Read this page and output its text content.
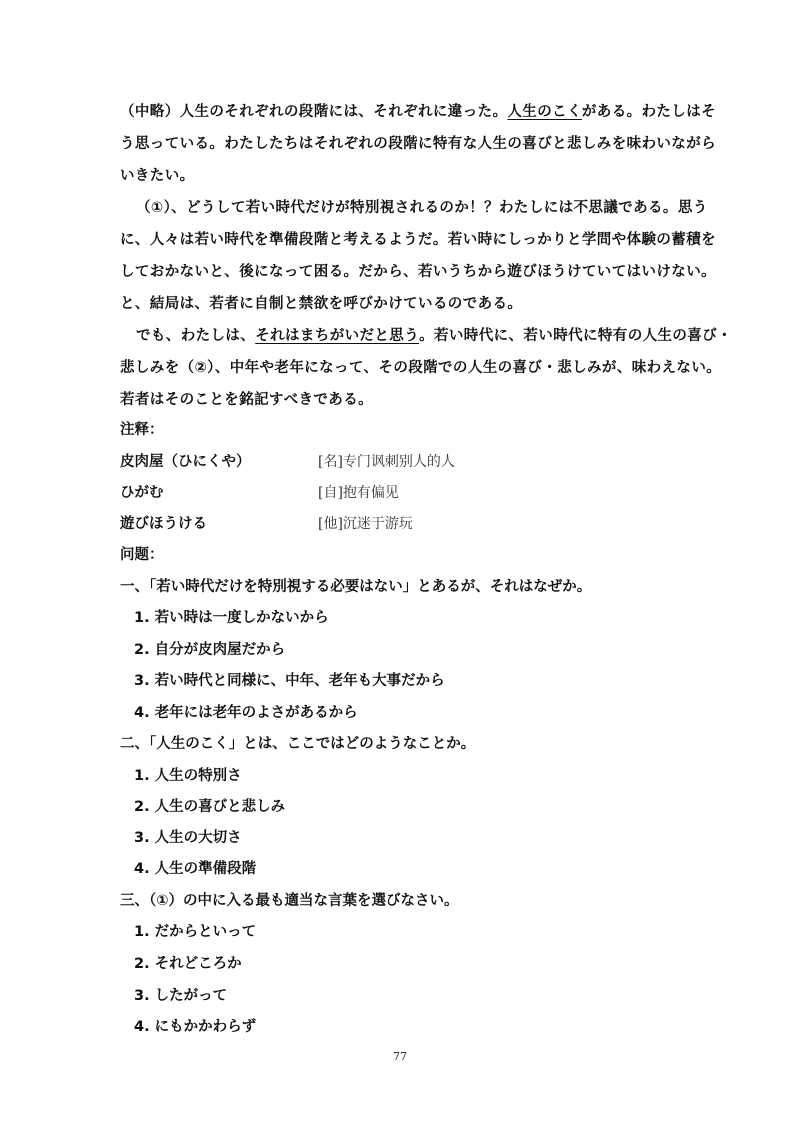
（中略）人生のそれぞれの段階には、それぞれに違った。人生のこくがある。わたしはそ
う思っている。わたしたちはそれぞれの段階に特有な人生の喜びと悲しみを味わいながら
いきたい。
（①）、どうして若い時代だけが特別視されるのか！？わたしには不思議である。思う
に、人々は若い時代を準備段階と考えるようだ。若い時にしっかりと学問や体験の蓄積を
しておかないと、後になって困る。だから、若いうちから遊びほうけていてはいけない。
と、結局は、若者に自制と禁欲を呼びかけているのである。
でも、わたしは、それはまちがいだと思う。若い時代に、若い時代に特有の人生の喜び・
悲しみを（②）、中年や老年になって、その段階での人生の喜び・悲しみが、味わえない。
若者はそのことを銘記すべきである。
注释：
皮肉屋（ひにくや）	[名]专门讽刺别人的人
ひがむ	[自]抱有偏见
遊びほうける	[他]沉迷于游玩
问题：
一、「若い時代だけを特別視する必要はない」とあるが、それはなぜか。
1. 若い時は一度しかないから
2. 自分が皮肉屋だから
3. 若い時代と同様に、中年、老年も大事だから
4. 老年には老年のよさがあるから
二、「人生のこく」とは、ここではどのようなことか。
1. 人生の特別さ
2. 人生の喜びと悲しみ
3. 人生の大切さ
4. 人生の準備段階
三、（①）の中に入る最も適当な言葉を選びなさい。
1. だからといって
2. それどころか
3. したがって
4. にもかかわらず
77
